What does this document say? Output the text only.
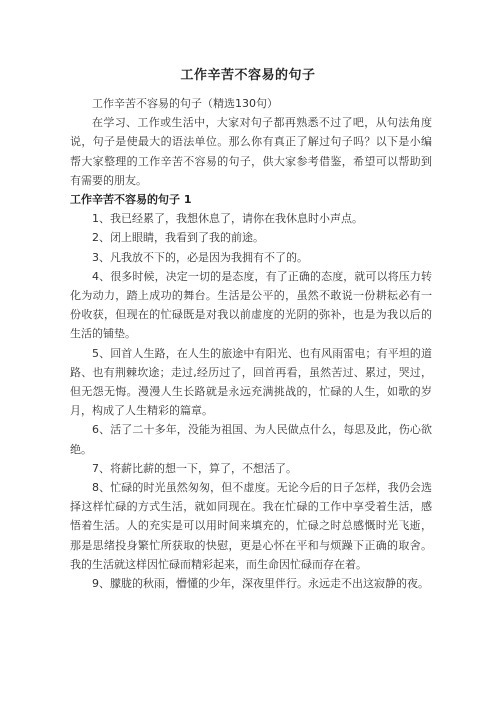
工作辛苦不容易的句子

工作辛苦不容易的句子（精选130句）

在学习、工作或生活中，大家对句子都再熟悉不过了吧，从句法角度说，句子是使最大的语法单位。那么你有真正了解过句子吗？以下是小编帮大家整理的工作辛苦不容易的句子，供大家参考借鉴，希望可以帮助到有需要的朋友。

工作辛苦不容易的句子 1

1、我已经累了，我想休息了，请你在我休息时小声点。

2、闭上眼睛，我看到了我的前途。

3、凡我放不下的，必是因为我拥有不了的。

4、很多时候，决定一切的是态度，有了正确的态度，就可以将压力转化为动力，踏上成功的舞台。生活是公平的，虽然不敢说一份耕耘必有一份收获，但现在的忙碌既是对我以前虚度的光阴的弥补，也是为我以后的生活的铺垫。

5、回首人生路，在人生的旅途中有阳光、也有风雨雷电；有平坦的道路、也有荆棘坎途；走过,经历过了，回首再看，虽然苦过、累过，哭过，但无怨无悔。漫漫人生长路就是永远充满挑战的，忙碌的人生，如歌的岁月，构成了人生精彩的篇章。

6、活了二十多年，没能为祖国、为人民做点什么，每思及此，伤心欲绝。

7、将薪比薪的想一下，算了，不想活了。

8、忙碌的时光虽然匆匆，但不虚度。无论今后的日子怎样，我仍会选择这样忙碌的方式生活，就如同现在。我在忙碌的工作中享受着生活，感悟着生活。人的充实是可以用时间来填充的，忙碌之时总感慨时光飞逝，那是思绪投身繁忙所获取的快慰，更是心怀在平和与烦躁下正确的取舍。我的生活就这样因忙碌而精彩起来，而生命因忙碌而存在着。

9、朦胧的秋雨，懵懂的少年，深夜里伴行。永远走不出这寂静的夜。
